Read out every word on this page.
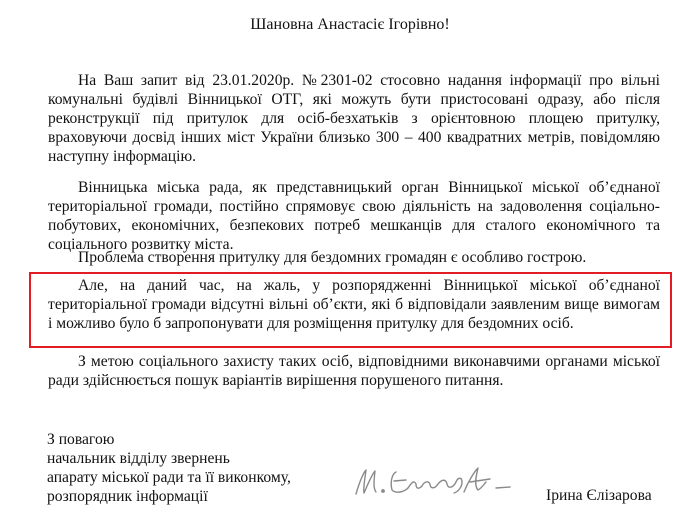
Шановна Анастасіє Ігорівно!
На Ваш запит від 23.01.2020р. №2301-02 стосовно надання інформації про вільні комунальні будівлі Вінницької ОТГ, які можуть бути пристосовані одразу, або після реконструкції під притулок для осіб-безхатьків з орієнтовною площею притулку, враховуючи досвід інших міст України близько 300 – 400 квадратних метрів, повідомляю наступну інформацію.
Вінницька міська рада, як представницький орган Вінницької міської об’єднаної територіальної громади, постійно спрямовує свою діяльність на задоволення соціально-побутових, економічних, безпекових потреб мешканців для сталого економічного та соціального розвитку міста.
Проблема створення притулку для бездомних громадян є особливо гострою.
Але, на даний час, на жаль, у розпорядженні Вінницької міської об’єднаної територіальної громади відсутні вільні об’єкти, які б відповідали заявленим вище вимогам і можливо було б запропонувати для розміщення притулку для бездомних осіб.
З метою соціального захисту таких осіб, відповідними виконавчими органами міської ради здійснюється пошук варіантів вирішення порушеного питання.
З повагою
начальник відділу звернень
апарату міської ради та її виконкому,
розпорядник інформації	Ірина Єлізарова
